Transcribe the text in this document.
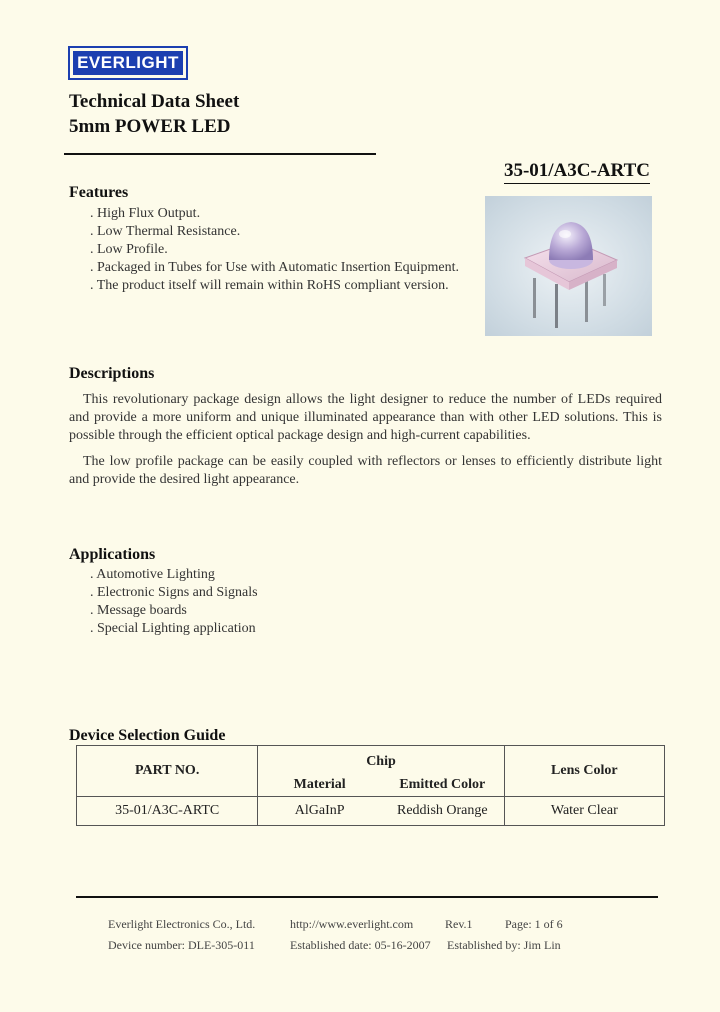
EVERLIGHT
Technical Data Sheet
5mm POWER LED
35-01/A3C-ARTC
Features
. High Flux Output.
. Low Thermal Resistance.
. Low Profile.
. Packaged in Tubes for Use with Automatic Insertion Equipment.
. The product itself will remain within RoHS compliant version.
Descriptions

This revolutionary package design allows the light designer to reduce the number of LEDs required and provide a more uniform and unique illuminated appearance than with other LED solutions. This is possible through the efficient optical package design and high-current capabilities.

The low profile package can be easily coupled with reflectors or lenses to efficiently distribute light and provide the desired light appearance.

Applications
. Automotive Lighting
. Electronic Signs and Signals
. Message boards
. Special Lighting application
Device Selection Guide
PART NO.	Chip		Lens Color
	Material	Emitted Color	
35-01/A3C-ARTC	AlGaInP	Reddish Orange	Water Clear
Everlight Electronics Co., Ltd.	http://www.everlight.com	Rev.1	Page: 1 of 6
Device number: DLE-305-011	Established date: 05-16-2007 Established by: Jim Lin
